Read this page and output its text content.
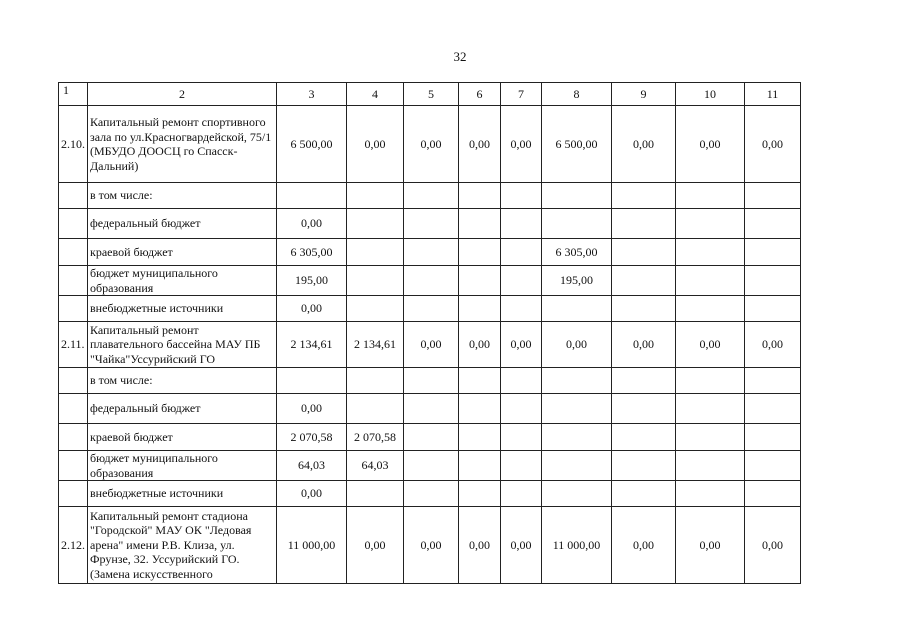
32
1	2	3	4	5	6	7	8	9	10	11
2.10.	Капитальный ремонт спортивного зала по ул.Красногвардейской, 75/1 (МБУДО ДООСЦ го Спасск-Дальний)	6 500,00	0,00	0,00	0,00	0,00	6 500,00	0,00	0,00	0,00
	в том числе:									
	федеральный бюджет	0,00								
	краевой бюджет	6 305,00					6 305,00			
	бюджет муниципального образования	195,00					195,00			
	внебюджетные источники	0,00								
2.11.	Капитальный ремонт плавательного бассейна МАУ ПБ "Чайка"Уссурийский ГО	2 134,61	2 134,61	0,00	0,00	0,00	0,00	0,00	0,00	0,00
	в том числе:									
	федеральный бюджет	0,00								
	краевой бюджет	2 070,58	2 070,58							
	бюджет муниципального образования	64,03	64,03							
	внебюджетные источники	0,00								
2.12.	Капитальный ремонт стадиона "Городской" МАУ ОК "Ледовая арена" имени Р.В. Клиза, ул. Фрунзе, 32. Уссурийский ГО. (Замена искусственного	11 000,00	0,00	0,00	0,00	0,00	11 000,00	0,00	0,00	0,00
